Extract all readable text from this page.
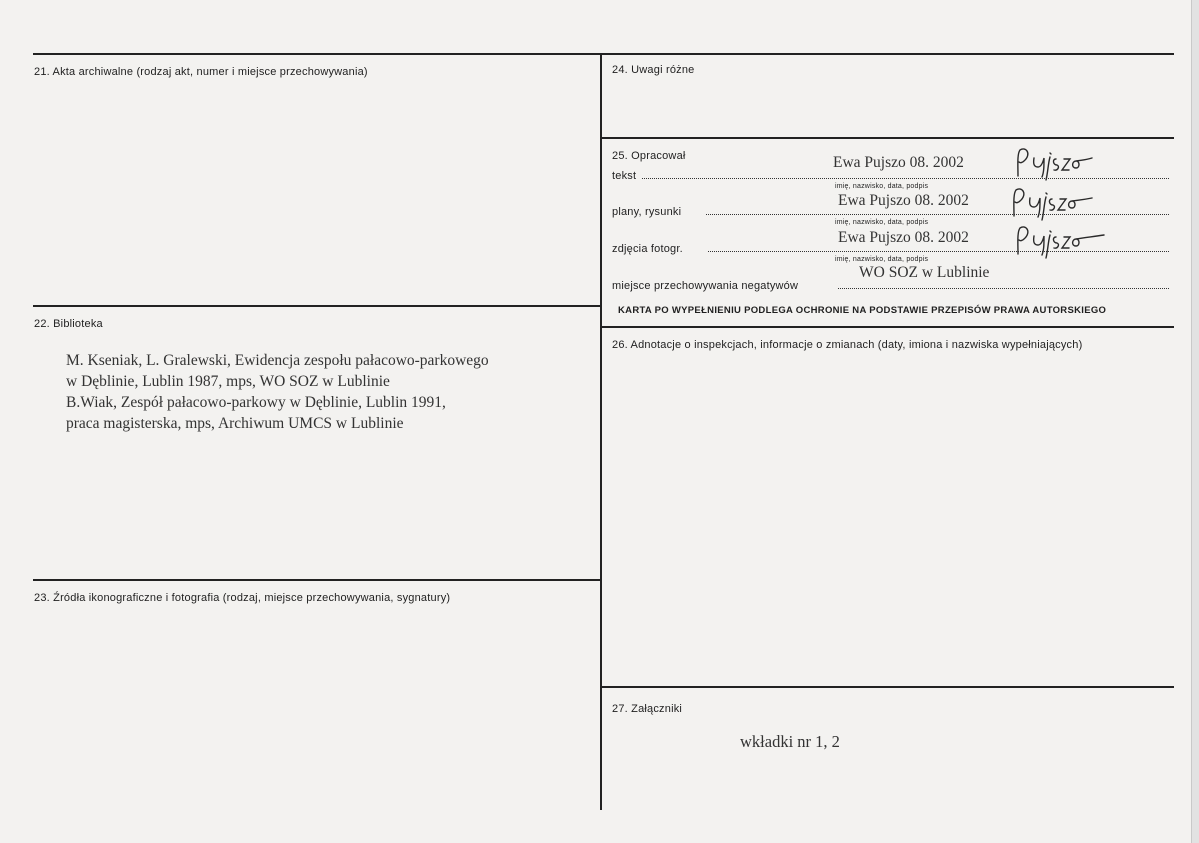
21. Akta archiwalne (rodzaj akt, numer i miejsce przechowywania)
22. Biblioteka
23. Źródła ikonograficzne i fotografia (rodzaj, miejsce przechowywania, sygnatury)
24. Uwagi różne
25. Opracował
26. Adnotacje o inspekcjach, informacje o zmianach (daty, imiona i nazwiska wypełniających)
27. Załączniki
tekst
Ewa Pujszo 08. 2002
imię, nazwisko, data, podpis
plany, rysunki
Ewa Pujszo 08. 2002
imię, nazwisko, data, podpis
zdjęcia fotogr.
Ewa Pujszo 08. 2002
imię, nazwisko, data, podpis
miejsce przechowywania negatywów
WO SOZ w Lublinie
KARTA PO WYPEŁNIENIU PODLEGA OCHRONIE NA PODSTAWIE PRZEPISÓW PRAWA AUTORSKIEGO
M. Kseniak, L. Gralewski, Ewidencja zespołu pałacowo-parkowego
w Dęblinie, Lublin 1987, mps, WO SOZ w Lublinie
B.Wiak, Zespół pałacowo-parkowy w Dęblinie, Lublin 1991,
praca magisterska, mps, Archiwum UMCS w Lublinie
wkładki nr 1, 2
